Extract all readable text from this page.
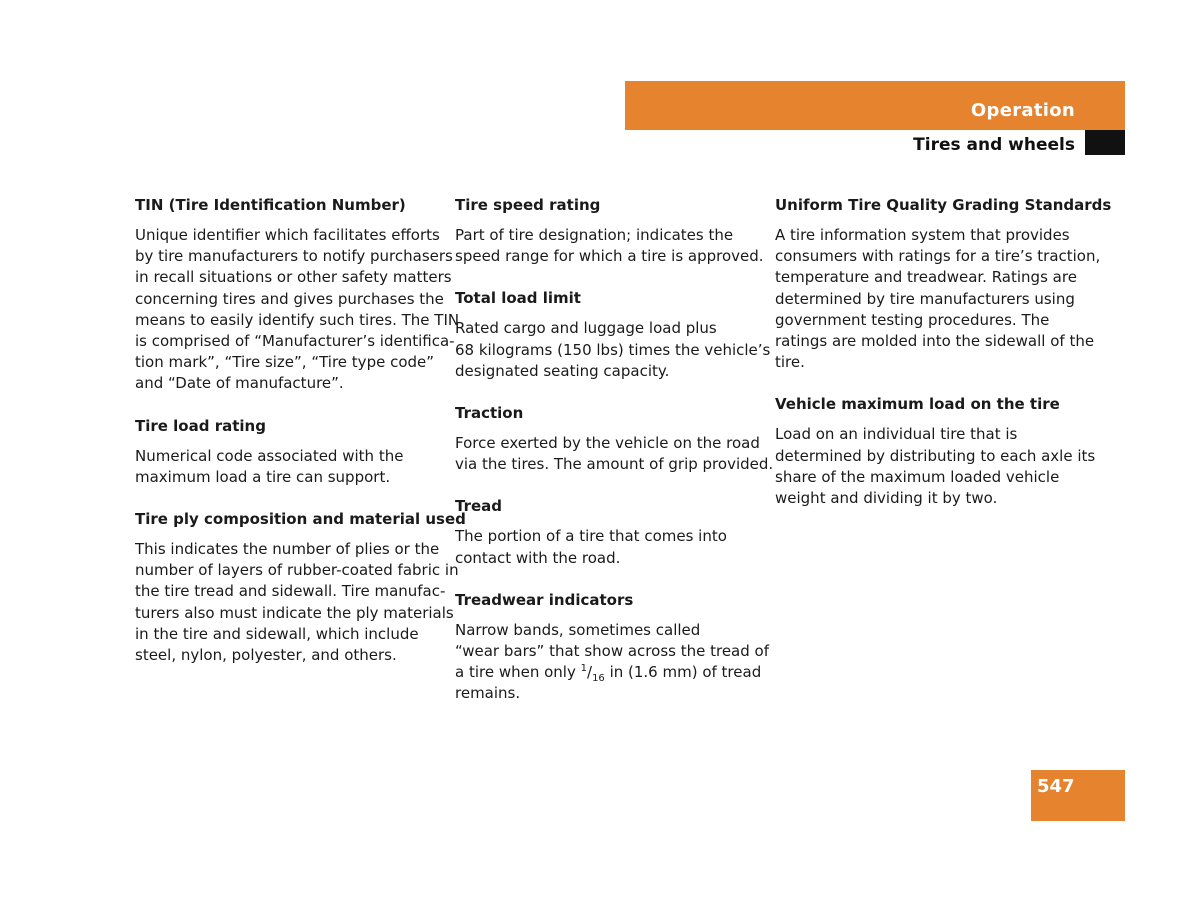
Operation
Tires and wheels
TIN (Tire Identification Number)
Unique identifier which facilitates efforts
by tire manufacturers to notify purchasers
in recall situations or other safety matters
concerning tires and gives purchases the
means to easily identify such tires. The TIN
is comprised of “Manufacturer’s identifica-
tion mark”, “Tire size”, “Tire type code”
and “Date of manufacture”.
Tire load rating
Numerical code associated with the
maximum load a tire can support.
Tire ply composition and material used
This indicates the number of plies or the
number of layers of rubber-coated fabric in
the tire tread and sidewall. Tire manufac-
turers also must indicate the ply materials
in the tire and sidewall, which include
steel, nylon, polyester, and others.
Tire speed rating
Part of tire designation; indicates the
speed range for which a tire is approved.
Total load limit
Rated cargo and luggage load plus
68 kilograms (150 lbs) times the vehicle’s
designated seating capacity.
Traction
Force exerted by the vehicle on the road
via the tires. The amount of grip provided.
Tread
The portion of a tire that comes into
contact with the road.
Treadwear indicators
Narrow bands, sometimes called
“wear bars” that show across the tread of
a tire when only $^1/_{16}$ in (1.6 mm) of tread
remains.
Uniform Tire Quality Grading Standards
A tire information system that provides
consumers with ratings for a tire’s traction,
temperature and treadwear. Ratings are
determined by tire manufacturers using
government testing procedures. The
ratings are molded into the sidewall of the
tire.
Vehicle maximum load on the tire
Load on an individual tire that is
determined by distributing to each axle its
share of the maximum loaded vehicle
weight and dividing it by two.
547
